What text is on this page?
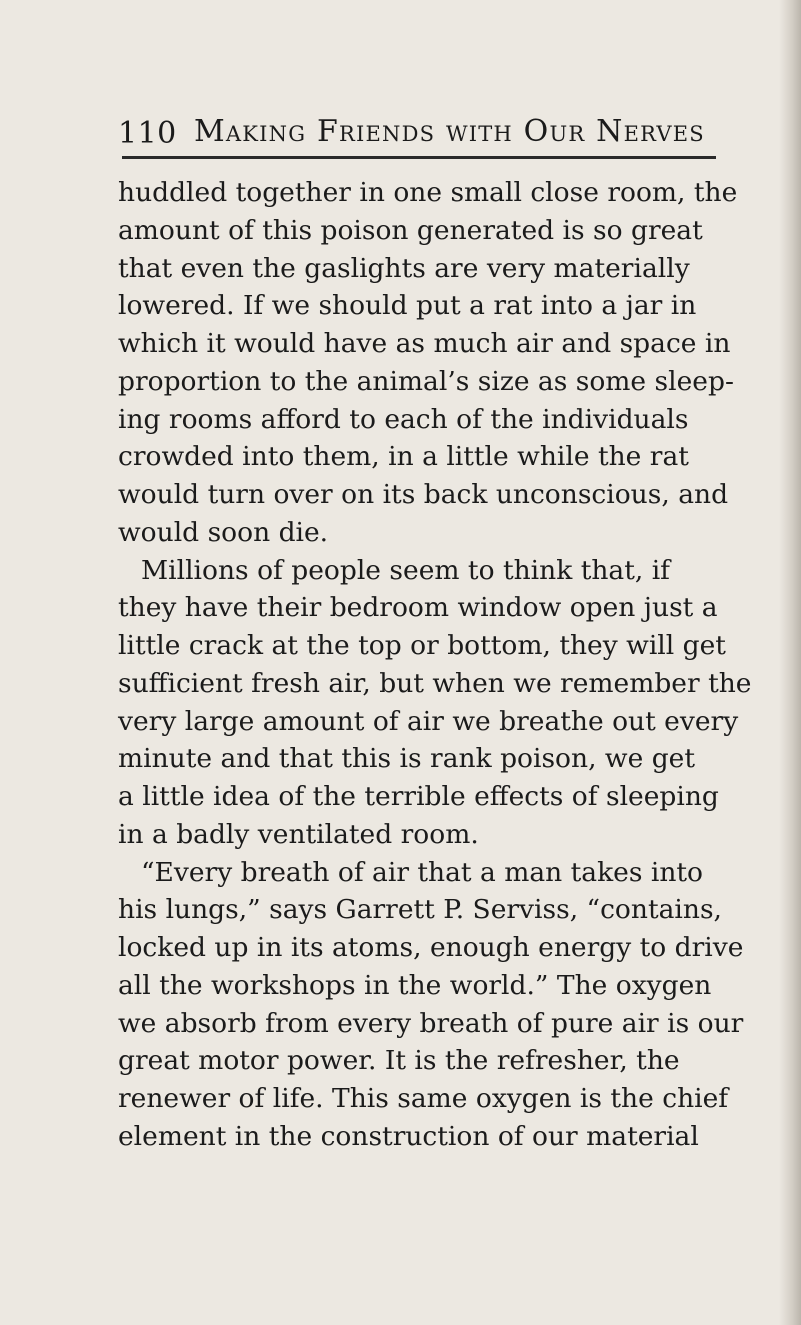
110 Making Friends with Our Nerves
huddled together in one small close room, the
amount of this poison generated is so great
that even the gaslights are very materially
lowered. If we should put a rat into a jar in
which it would have as much air and space in
proportion to the animal’s size as some sleep-
ing rooms afford to each of the individuals
crowded into them, in a little while the rat
would turn over on its back unconscious, and
would soon die.
Millions of people seem to think that, if
they have their bedroom window open just a
little crack at the top or bottom, they will get
sufficient fresh air, but when we remember the
very large amount of air we breathe out every
minute and that this is rank poison, we get
a little idea of the terrible effects of sleeping
in a badly ventilated room.
“Every breath of air that a man takes into
his lungs,” says Garrett P. Serviss, “contains,
locked up in its atoms, enough energy to drive
all the workshops in the world.” The oxygen
we absorb from every breath of pure air is our
great motor power. It is the refresher, the
renewer of life. This same oxygen is the chief
element in the construction of our material
